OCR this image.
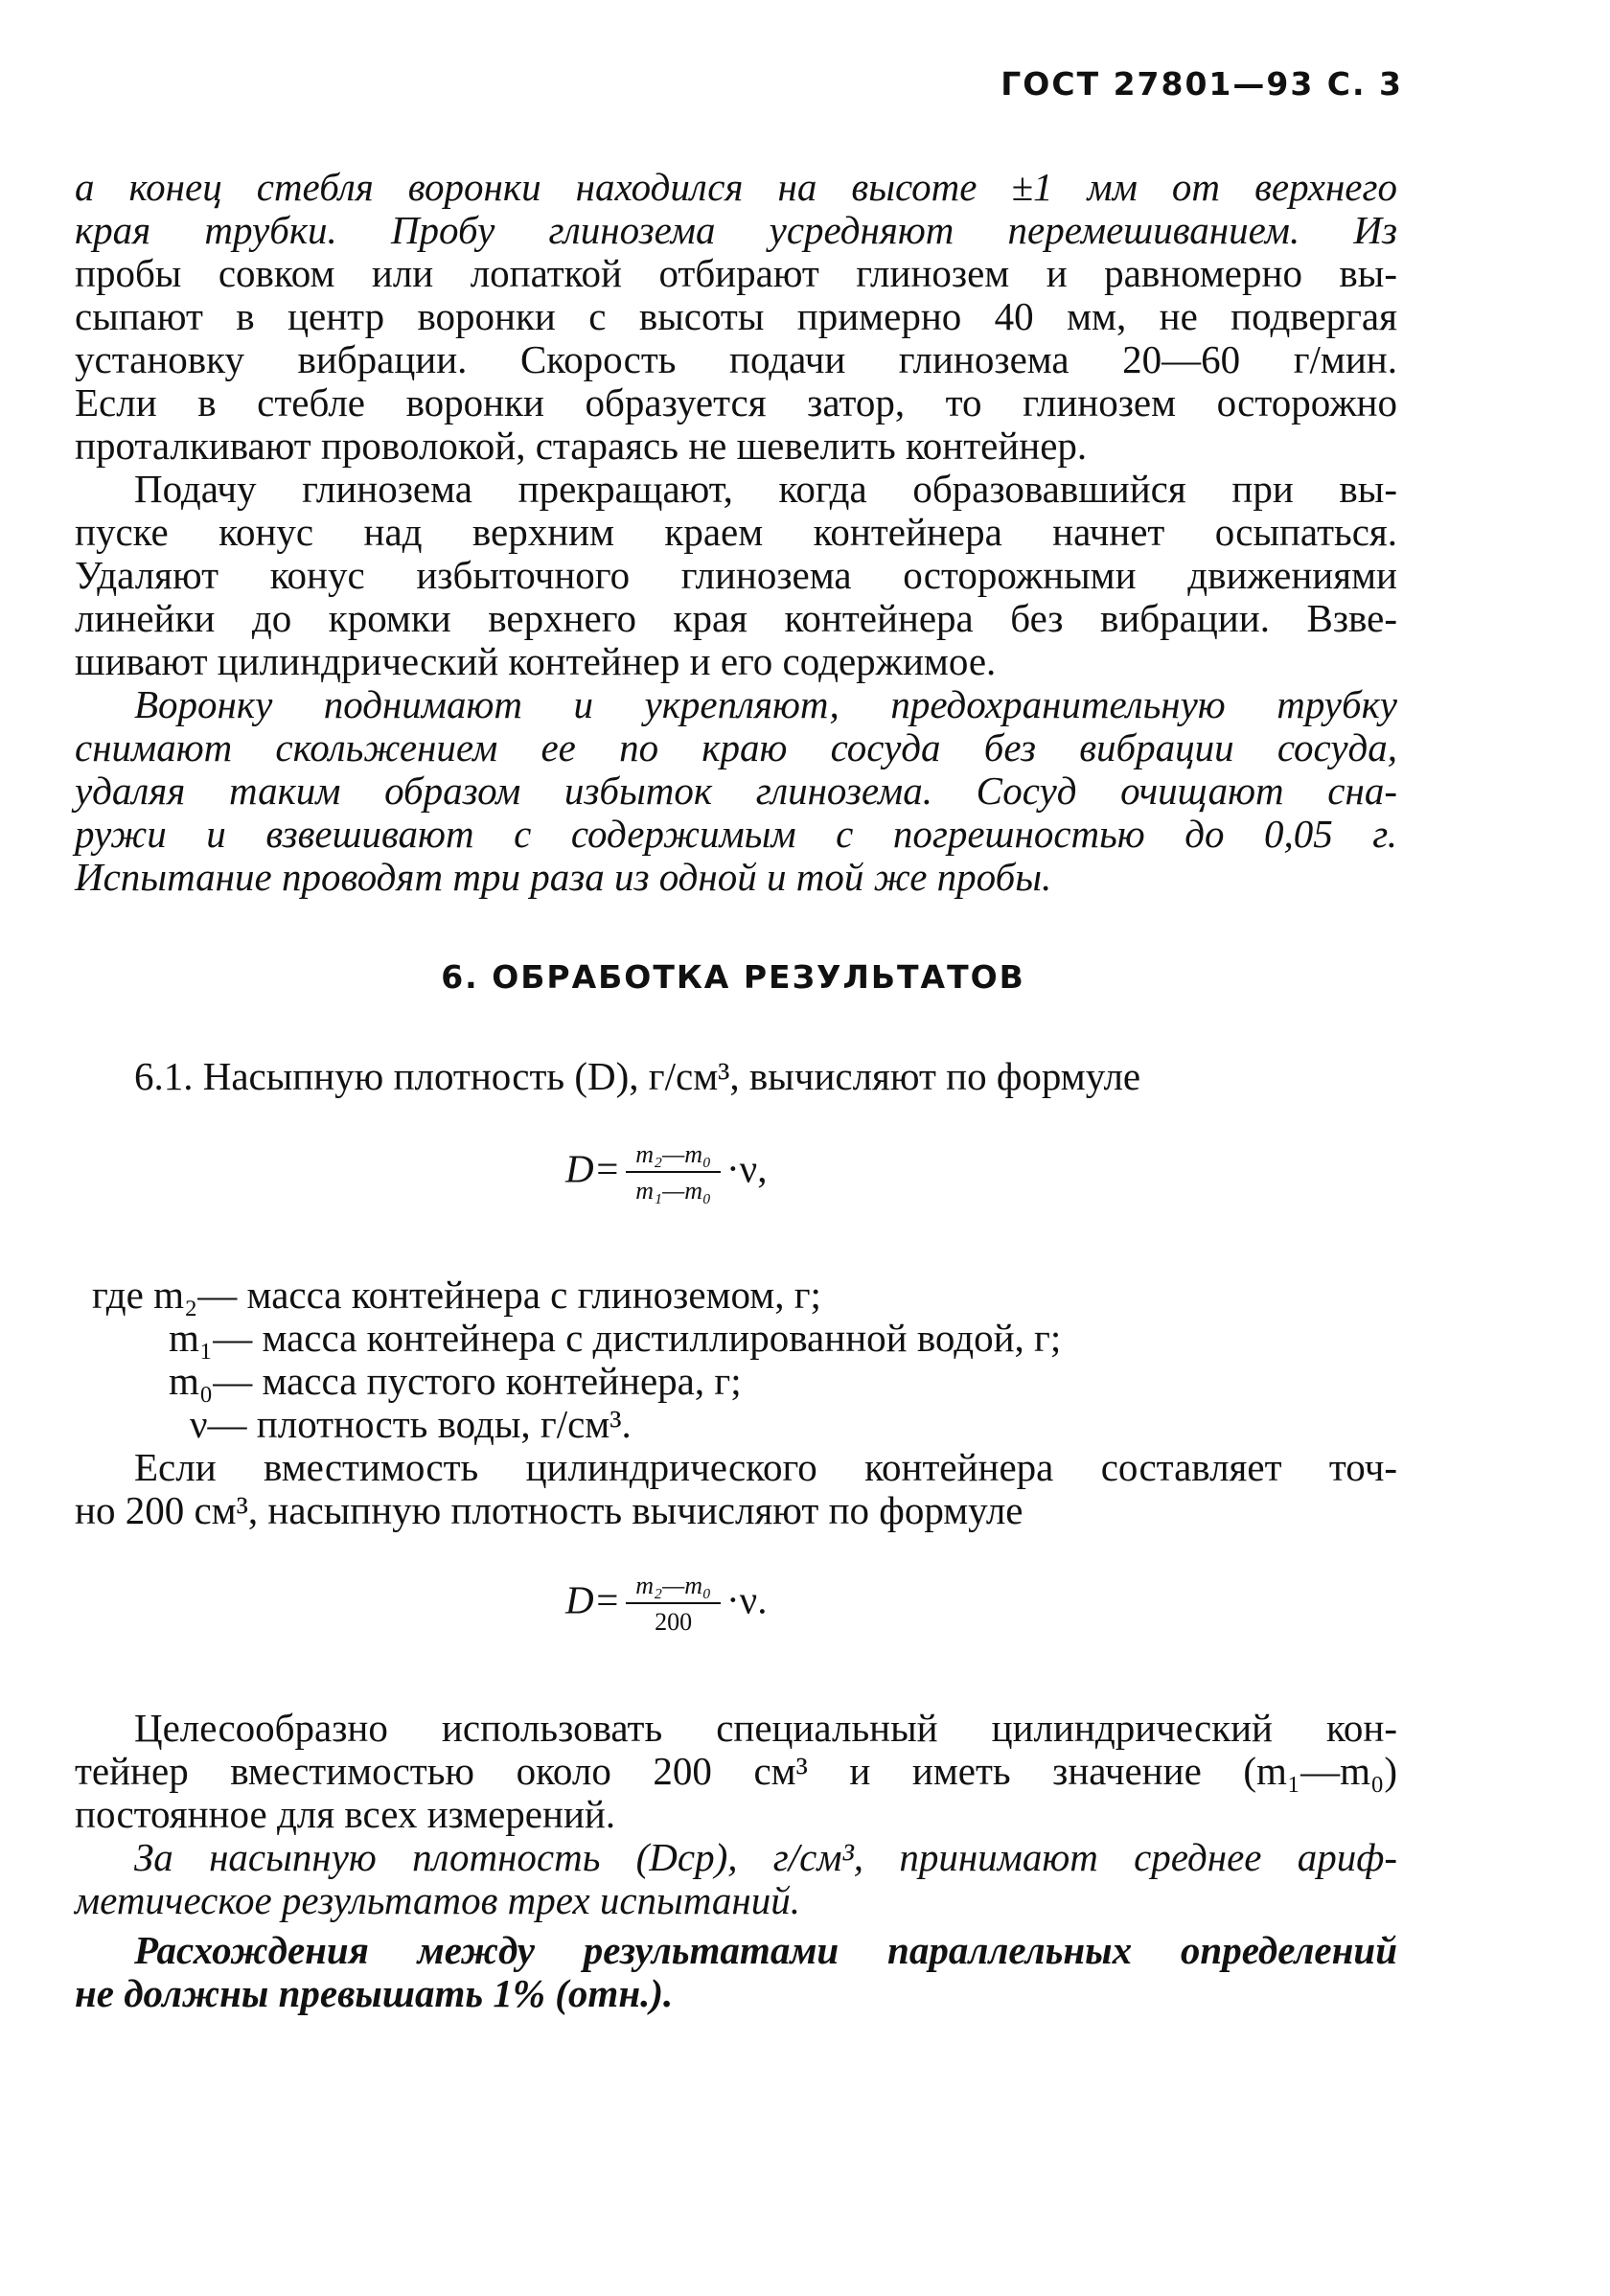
ГОСТ 27801—93 С. 3
а конец стебля воронки находился на высоте ±1 мм от верхнего
края трубки. Пробу глинозема усредняют перемешиванием. Из
пробы совком или лопаткой отбирают глинозем и равномерно вы-
сыпают в центр воронки с высоты примерно 40 мм, не подвергая
установку вибрации. Скорость подачи глинозема 20—60 г/мин.
Если в стебле воронки образуется затор, то глинозем осторожно
проталкивают проволокой, стараясь не шевелить контейнер.
Подачу глинозема прекращают, когда образовавшийся при вы-
пуске конус над верхним краем контейнера начнет осыпаться.
Удаляют конус избыточного глинозема осторожными движениями
линейки до кромки верхнего края контейнера без вибрации. Взве-
шивают цилиндрический контейнер и его содержимое.
Воронку поднимают и укрепляют, предохранительную трубку
снимают скольжением ее по краю сосуда без вибрации сосуда,
удаляя таким образом избыток глинозема. Сосуд очищают сна-
ружи и взвешивают с содержимым с погрешностью до 0,05 г.
Испытание проводят три раза из одной и той же пробы.
6. ОБРАБОТКА РЕЗУЛЬТАТОВ
6.1. Насыпную плотность (D), г/см³, вычисляют по формуле
$D= \frac{\text{m₂—m₀}}{\text{m₁—m₀}} \cdot\nu$,
где m₂— масса контейнера с глиноземом, г;
m₁— масса контейнера с дистиллированной водой, г;
m₀— масса пустого контейнера, г;
ν— плотность воды, г/см³.
Если вместимость цилиндрического контейнера составляет точ-
но 200 см³, насыпную плотность вычисляют по формуле
$D= \frac{\text{m₂—m₀}}{200} \cdot\nu$.
Целесообразно использовать специальный цилиндрический кон-
тейнер вместимостью около 200 см³ и иметь значение (m₁—m₀)
постоянное для всех измерений.
За насыпную плотность (Dср), г/см³, принимают среднее ариф-
метическое результатов трех испытаний.
Расхождения между результатами параллельных определений
не должны превышать 1% (отн.).
